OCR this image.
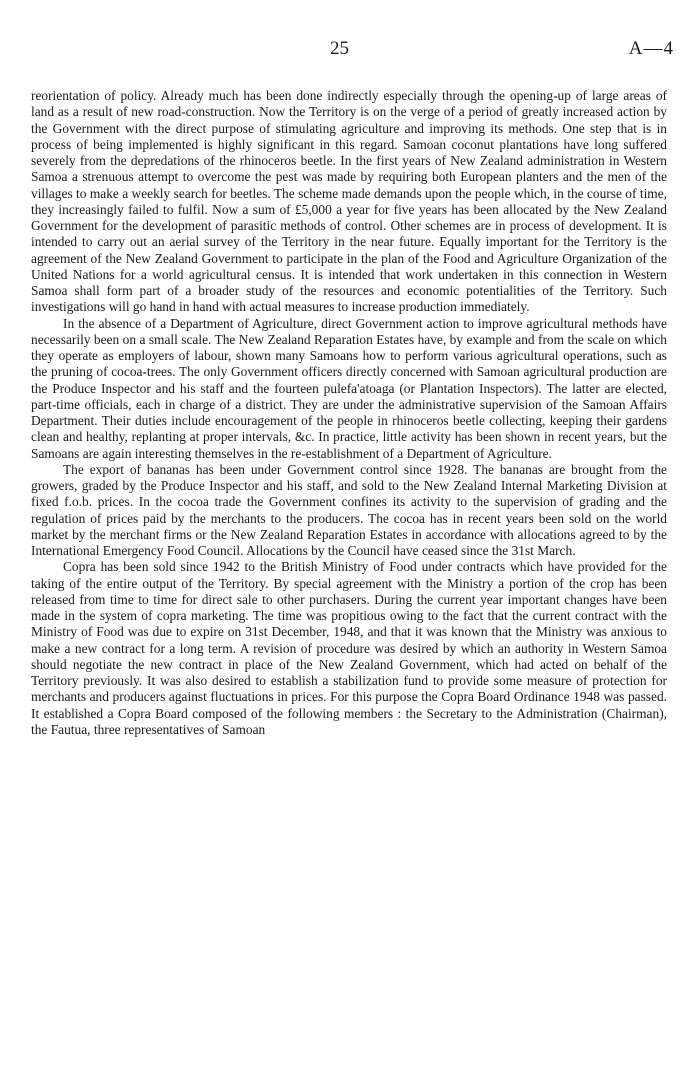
25	A—4

reorientation of policy. Already much has been done indirectly especially through the opening-up of large areas of land as a result of new road-construction. Now the Territory is on the verge of a period of greatly increased action by the Government with the direct purpose of stimulating agriculture and improving its methods. One step that is in process of being implemented is highly significant in this regard. Samoan coconut plantations have long suffered severely from the depredations of the rhinoceros beetle. In the first years of New Zealand administration in Western Samoa a strenuous attempt to overcome the pest was made by requiring both European planters and the men of the villages to make a weekly search for beetles. The scheme made demands upon the people which, in the course of time, they increasingly failed to fulfil. Now a sum of £5,000 a year for five years has been allocated by the New Zealand Government for the development of parasitic methods of control. Other schemes are in process of development. It is intended to carry out an aerial survey of the Territory in the near future. Equally important for the Territory is the agreement of the New Zealand Government to participate in the plan of the Food and Agriculture Organization of the United Nations for a world agricultural census. It is intended that work undertaken in this connection in Western Samoa shall form part of a broader study of the resources and economic potentialities of the Territory. Such investigations will go hand in hand with actual measures to increase production immediately.

In the absence of a Department of Agriculture, direct Government action to improve agricultural methods have necessarily been on a small scale. The New Zealand Reparation Estates have, by example and from the scale on which they operate as employers of labour, shown many Samoans how to perform various agricultural operations, such as the pruning of cocoa-trees. The only Government officers directly concerned with Samoan agricultural production are the Produce Inspector and his staff and the fourteen pulefa'atoaga (or Plantation Inspectors). The latter are elected, part-time officials, each in charge of a district. They are under the administrative supervision of the Samoan Affairs Department. Their duties include encouragement of the people in rhinoceros beetle collecting, keeping their gardens clean and healthy, replanting at proper intervals, &c. In practice, little activity has been shown in recent years, but the Samoans are again interesting themselves in the re-establishment of a Department of Agriculture.

The export of bananas has been under Government control since 1928. The bananas are brought from the growers, graded by the Produce Inspector and his staff, and sold to the New Zealand Internal Marketing Division at fixed f.o.b. prices. In the cocoa trade the Government confines its activity to the supervision of grading and the regulation of prices paid by the merchants to the producers. The cocoa has in recent years been sold on the world market by the merchant firms or the New Zealand Reparation Estates in accordance with allocations agreed to by the International Emergency Food Council. Allocations by the Council have ceased since the 31st March.

Copra has been sold since 1942 to the British Ministry of Food under contracts which have provided for the taking of the entire output of the Territory. By special agreement with the Ministry a portion of the crop has been released from time to time for direct sale to other purchasers. During the current year important changes have been made in the system of copra marketing. The time was propitious owing to the fact that the current contract with the Ministry of Food was due to expire on 31st December, 1948, and that it was known that the Ministry was anxious to make a new contract for a long term. A revision of procedure was desired by which an authority in Western Samoa should negotiate the new contract in place of the New Zealand Government, which had acted on behalf of the Territory previously. It was also desired to establish a stabilization fund to provide some measure of protection for merchants and producers against fluctuations in prices. For this purpose the Copra Board Ordinance 1948 was passed. It established a Copra Board composed of the following members : the Secretary to the Administration (Chairman), the Fautua, three representatives of Samoan
